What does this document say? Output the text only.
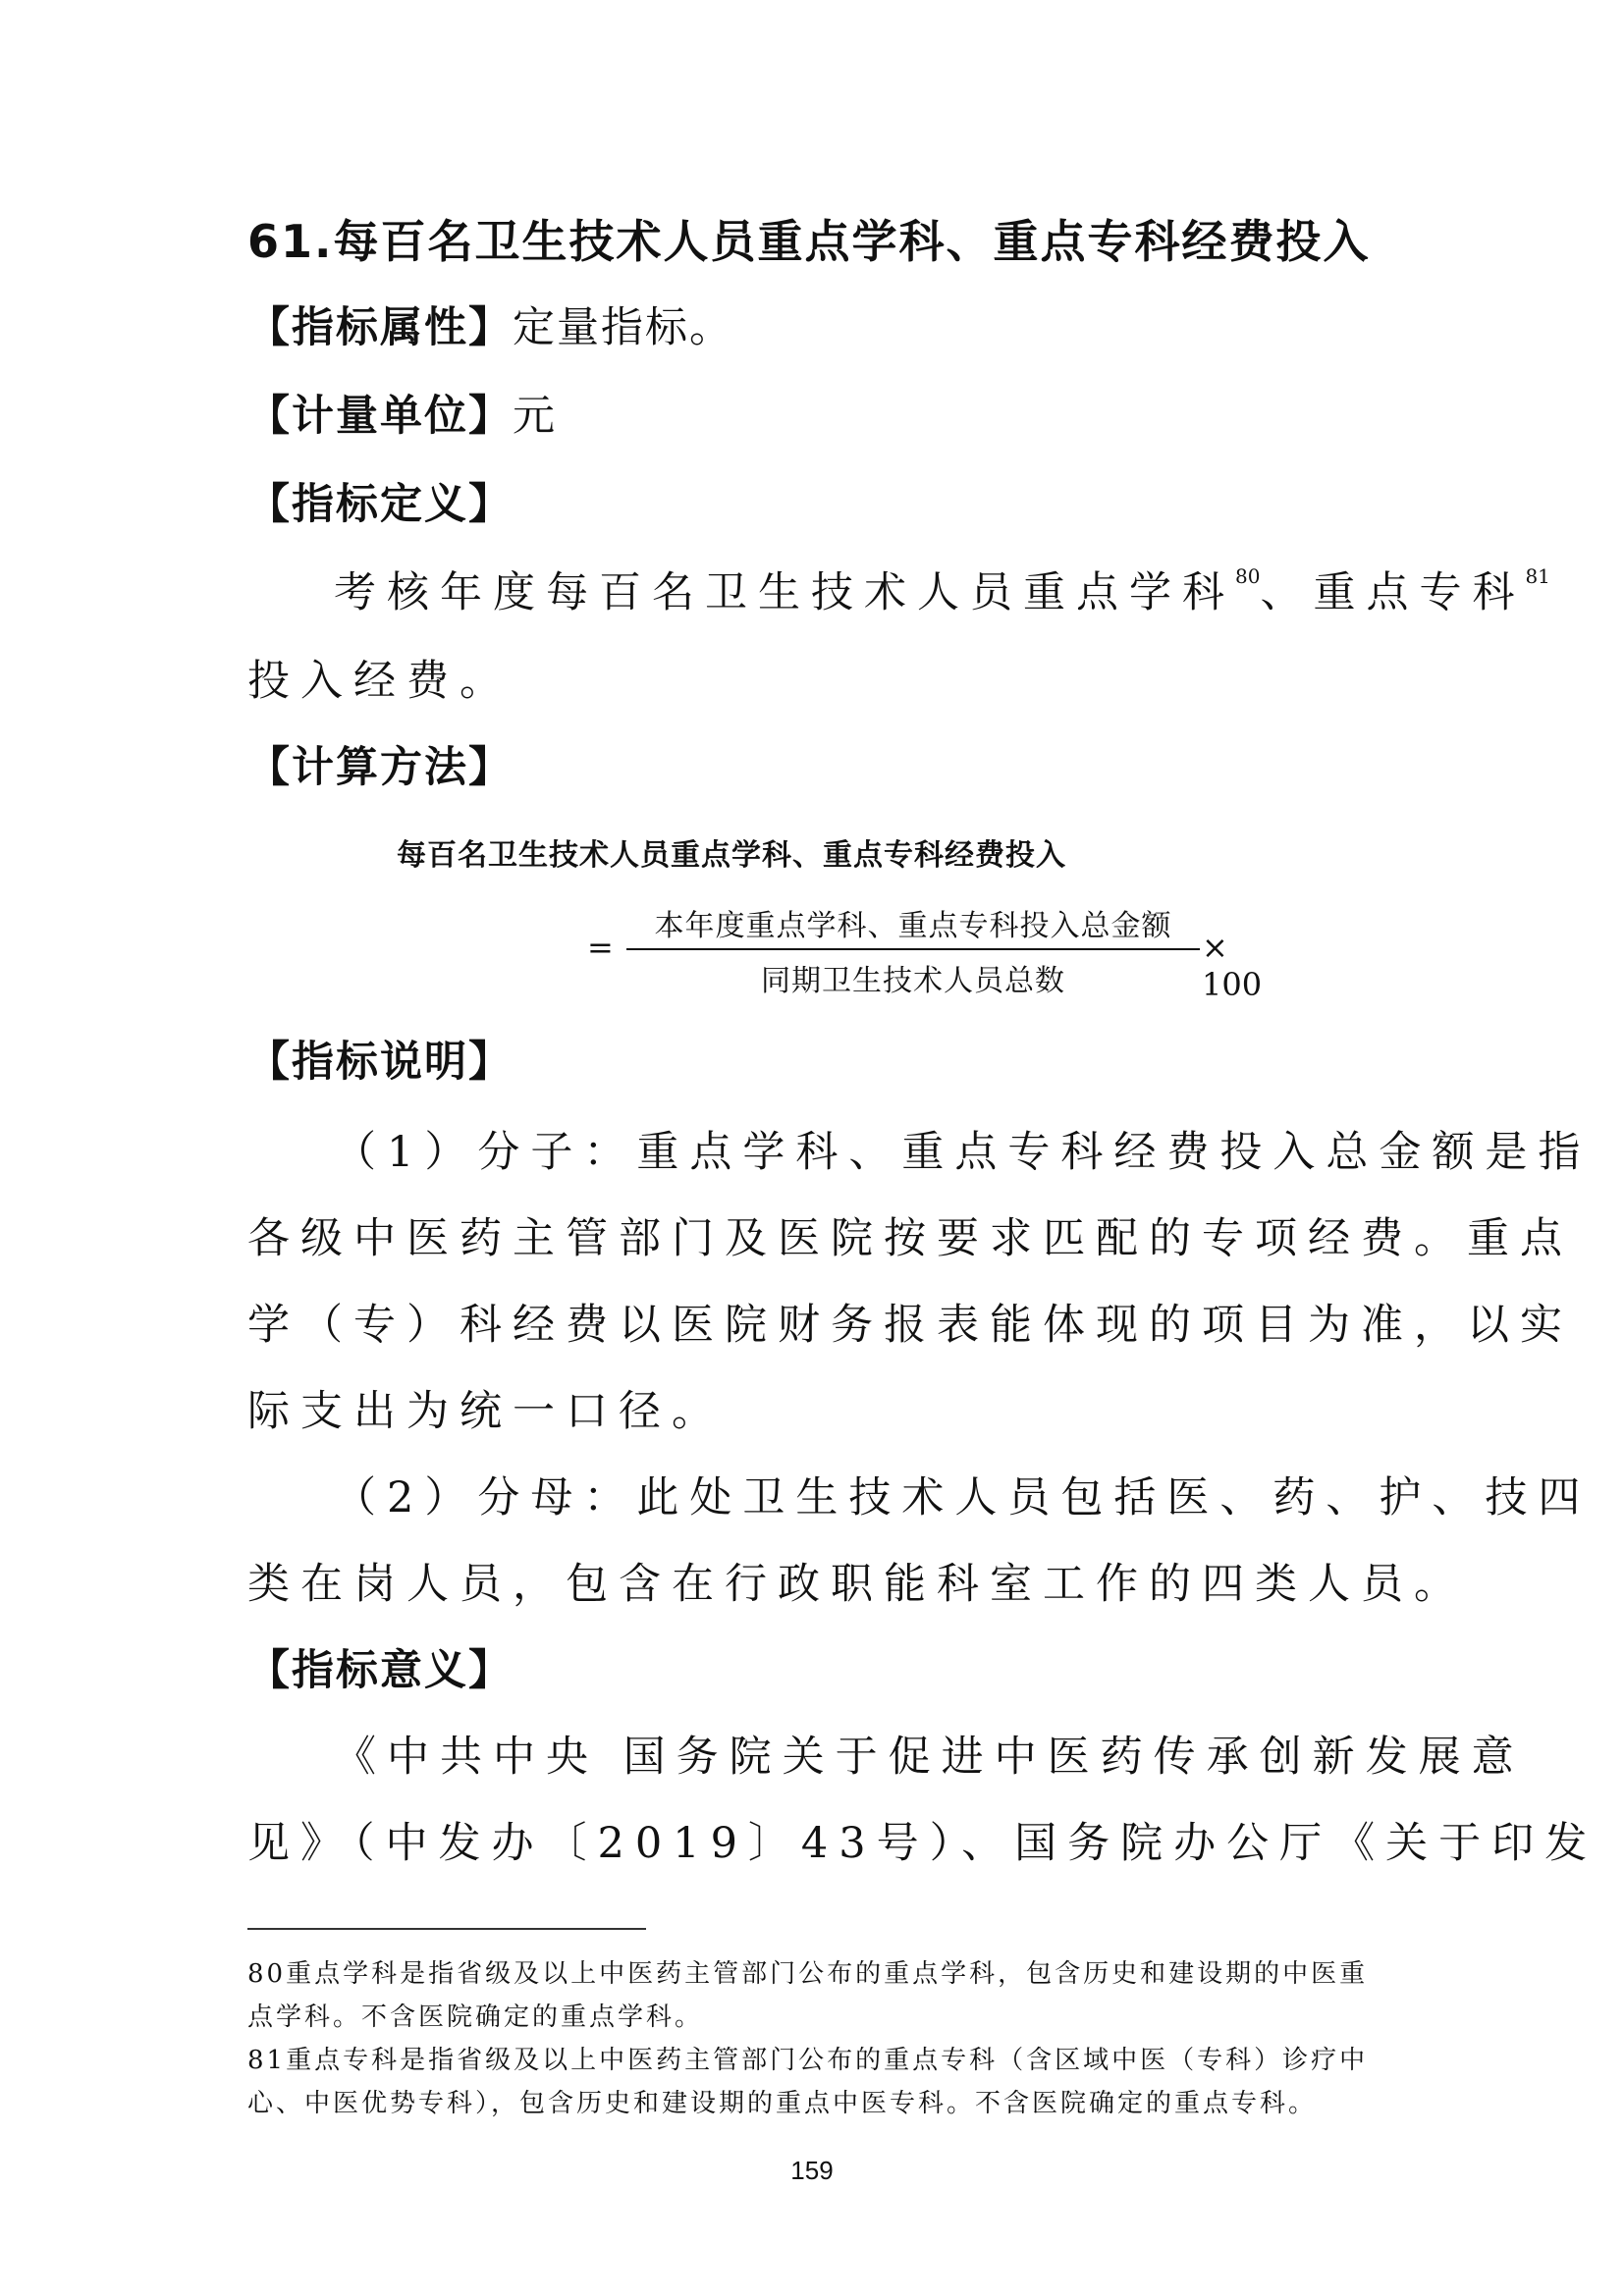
61.每百名卫生技术人员重点学科、重点专科经费投入
【指标属性】定量指标。
【计量单位】元
【指标定义】
考核年度每百名卫生技术人员重点学科$^{80}$、重点专科$^{81}$
投入经费。
【计算方法】
每百名卫生技术人员重点学科、重点专科经费投入
=
本年度重点学科、重点专科投入总金额
同期卫生技术人员总数
× 100
【指标说明】
（1）分子：重点学科、重点专科经费投入总金额是指
各级中医药主管部门及医院按要求匹配的专项经费。重点
学（专）科经费以医院财务报表能体现的项目为准，以实
际支出为统一口径。
（2）分母：此处卫生技术人员包括医、药、护、技四
类在岗人员，包含在行政职能科室工作的四类人员。
【指标意义】
《中共中央 国务院关于促进中医药传承创新发展意
见》（中发办〔2019〕43号）、国务院办公厅《关于印发
80重点学科是指省级及以上中医药主管部门公布的重点学科，包含历史和建设期的中医重
点学科。不含医院确定的重点学科。
81重点专科是指省级及以上中医药主管部门公布的重点专科（含区域中医（专科）诊疗中
心、中医优势专科），包含历史和建设期的重点中医专科。不含医院确定的重点专科。
159
